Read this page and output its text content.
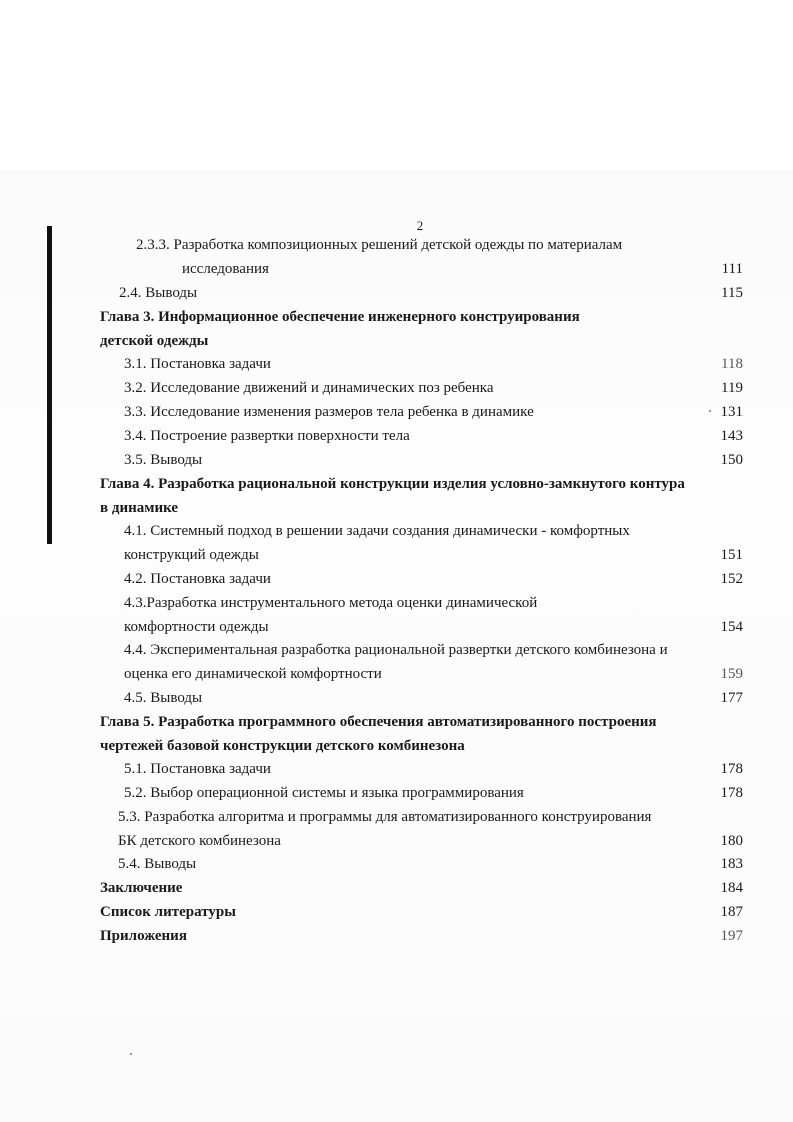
2
2.3.3. Разработка композиционных решений детской одежды по материалам
исследования	111
2.4. Выводы	115
Глава 3. Информационное обеспечение инженерного конструирования
детской одежды
3.1. Постановка задачи	118
3.2. Исследование движений и динамических поз ребенка	119
3.3. Исследование изменения размеров тела ребенка в динамике	131
3.4. Построение развертки поверхности тела	143
3.5. Выводы	150
Глава 4. Разработка рациональной конструкции изделия условно-замкнутого контура
в динамике
4.1. Системный подход в решении задачи создания динамически - комфортных
конструкций одежды	151
4.2. Постановка задачи	152
4.3.Разработка инструментального метода оценки динамической
комфортности одежды	154
4.4. Экспериментальная разработка рациональной развертки детского комбинезона и
оценка его динамической комфортности	159
4.5. Выводы	177
Глава 5. Разработка программного обеспечения автоматизированного построения
чертежей базовой конструкции детского комбинезона
5.1. Постановка задачи	178
5.2. Выбор операционной системы и языка программирования	178
5.3. Разработка алгоритма и программы для автоматизированного конструирования
БК детского комбинезона	180
5.4. Выводы	183
Заключение	184
Список литературы	187
Приложения	197
